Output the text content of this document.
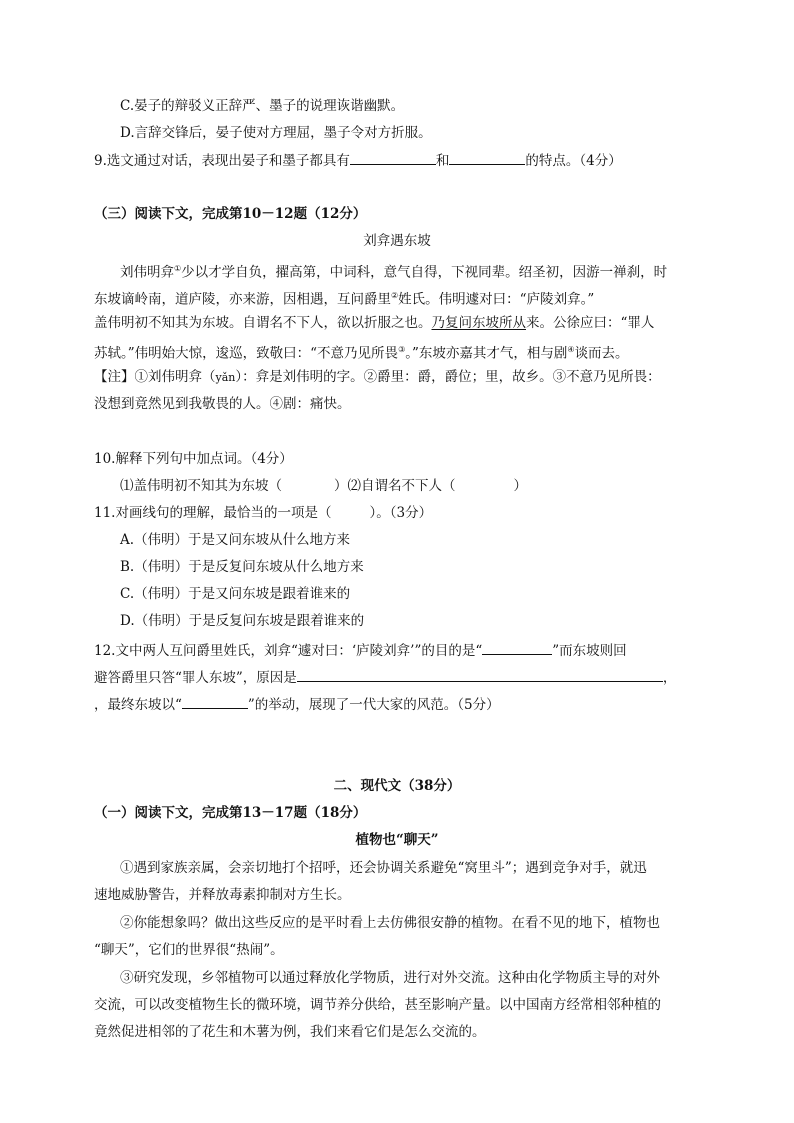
C.晏子的辩驳义正辞严、墨子的说理诙谐幽默。
D.言辞交锋后，晏子使对方理屈，墨子令对方折服。
9.选文通过对话，表现出晏子和墨子都具有	和	的特点。（4分）
（三）阅读下文，完成第10－12题（12分）
刘弇遇东坡
刘伟明弇①少以才学自负，擢高第，中词科，意气自得，下视同辈。绍圣初，因游一禅刹，时
东坡谪岭南，道庐陵，亦来游，因相遇，互问爵里②姓氏。伟明遽对曰：“庐陵刘弇。”
盖伟明初不知其为东坡。自谓名不下人，欲以折服之也。乃复问东坡所从来。公徐应曰：“罪人
苏轼。”伟明始大惊，逡巡，致敬曰：“不意乃见所畏③。”东坡亦嘉其才气，相与剧④谈而去。
【注】①刘伟明弇（yǎn）：弇是刘伟明的字。②爵里：爵，爵位；里，故乡。③不意乃见所畏：
没想到竟然见到我敬畏的人。④剧：痛快。
10.解释下列句中加点词。（4分）
⑴盖伟明初不知其为东坡（	）⑵自谓名不下人（	）
11.对画线句的理解，最恰当的一项是（	）。（3分）
A.（伟明）于是又问东坡从什么地方来
B.（伟明）于是反复问东坡从什么地方来
C.（伟明）于是又问东坡是跟着谁来的
D.（伟明）于是反复问东坡是跟着谁来的
12.文中两人互问爵里姓氏，刘弇“遽对曰：‘庐陵刘弇’”的目的是“	”而东坡则回
避答爵里只答“罪人东坡”，原因是	，
，最终东坡以“	”的举动，展现了一代大家的风范。（5分）
二、现代文（38分）
（一）阅读下文，完成第13－17题（18分）
植物也“聊天”
①遇到家族亲属，会亲切地打个招呼，还会协调关系避免“窝里斗”；遇到竞争对手，就迅
速地威胁警告，并释放毒素抑制对方生长。
②你能想象吗？做出这些反应的是平时看上去仿佛很安静的植物。在看不见的地下，植物也
“聊天”，它们的世界很“热闹”。
③研究发现，乡邻植物可以通过释放化学物质，进行对外交流。这种由化学物质主导的对外
交流，可以改变植物生长的微环境，调节养分供给，甚至影响产量。以中国南方经常相邻种植的
竟然促进相邻的了花生和木薯为例，我们来看它们是怎么交流的。
